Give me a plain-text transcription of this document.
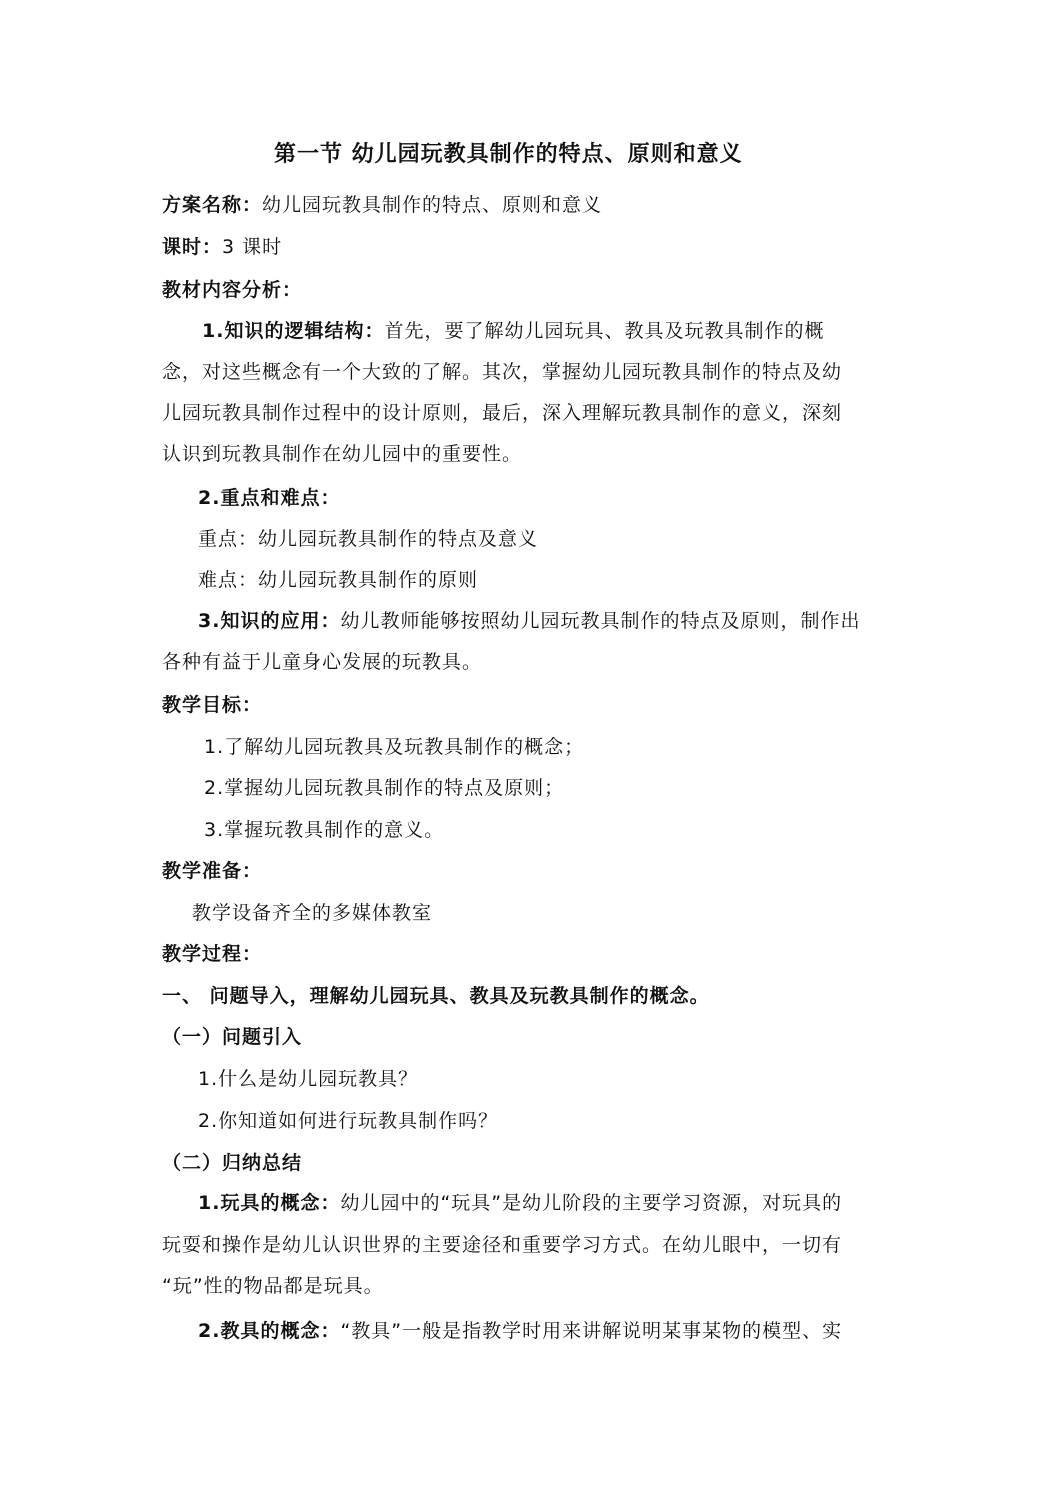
第一节 幼儿园玩教具制作的特点、原则和意义
方案名称：幼儿园玩教具制作的特点、原则和意义
课时：3 课时
教材内容分析：
1.知识的逻辑结构：首先，要了解幼儿园玩具、教具及玩教具制作的概
念，对这些概念有一个大致的了解。其次，掌握幼儿园玩教具制作的特点及幼
儿园玩教具制作过程中的设计原则，最后，深入理解玩教具制作的意义，深刻
认识到玩教具制作在幼儿园中的重要性。
2.重点和难点：
重点：幼儿园玩教具制作的特点及意义
难点：幼儿园玩教具制作的原则
3.知识的应用：幼儿教师能够按照幼儿园玩教具制作的特点及原则，制作出
各种有益于儿童身心发展的玩教具。
教学目标：
1.了解幼儿园玩教具及玩教具制作的概念；
2.掌握幼儿园玩教具制作的特点及原则；
3.掌握玩教具制作的意义。
教学准备：
教学设备齐全的多媒体教室
教学过程：
一、 问题导入，理解幼儿园玩具、教具及玩教具制作的概念。
（一）问题引入
1.什么是幼儿园玩教具？
2.你知道如何进行玩教具制作吗？
（二）归纳总结
1.玩具的概念：幼儿园中的“玩具”是幼儿阶段的主要学习资源，对玩具的
玩耍和操作是幼儿认识世界的主要途径和重要学习方式。在幼儿眼中，一切有
“玩”性的物品都是玩具。
2.教具的概念：“教具”一般是指教学时用来讲解说明某事某物的模型、实
